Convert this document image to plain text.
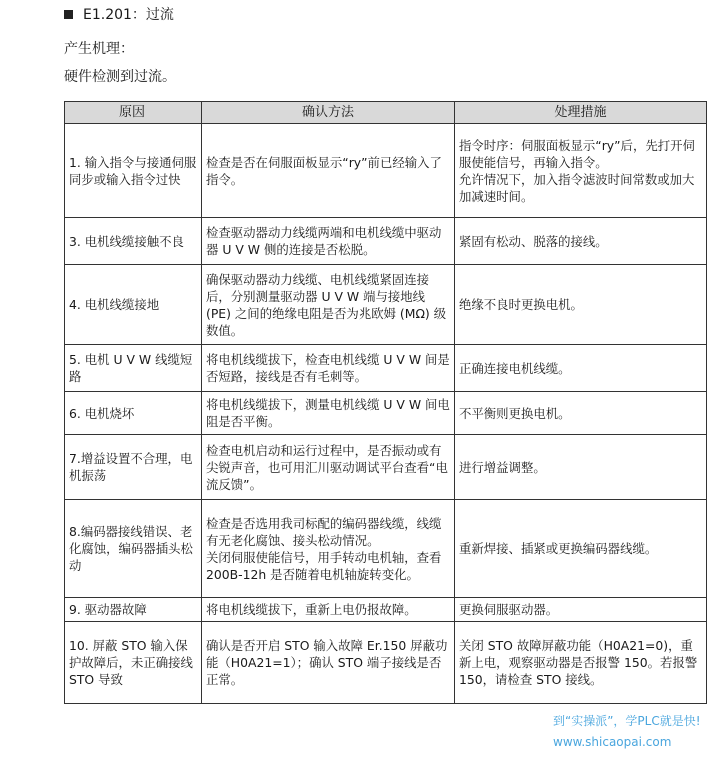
E1.201：过流
产生机理：
硬件检测到过流。
原因	确认方法	处理措施
1. 输入指令与接通伺服同步或输入指令过快	检查是否在伺服面板显示“ry”前已经输入了指令。	指令时序：伺服面板显示“ry”后，先打开伺服使能信号，再输入指令。
允许情况下，加入指令滤波时间常数或加大加减速时间。

3. 电机线缆接触不良	检查驱动器动力线缆两端和电机线缆中驱动器 U V W 侧的连接是否松脱。	紧固有松动、脱落的接线。
4. 电机线缆接地	确保驱动器动力线缆、电机线缆紧固连接后，分别测量驱动器 U V W 端与接地线 (PE) 之间的绝缘电阻是否为兆欧姆 (MΩ) 级数值。	绝缘不良时更换电机。
5. 电机 U V W 线缆短路	将电机线缆拔下，检查电机线缆 U V W 间是否短路，接线是否有毛刺等。	正确连接电机线缆。
6. 电机烧坏	将电机线缆拔下，测量电机线缆 U V W 间电阻是否平衡。	不平衡则更换电机。
7.增益设置不合理，电机振荡	检查电机启动和运行过程中，是否振动或有尖锐声音，也可用汇川驱动调试平台查看“电流反馈”。	进行增益调整。
8.编码器接线错误、老化腐蚀，编码器插头松动	检查是否选用我司标配的编码器线缆，线缆有无老化腐蚀、接头松动情况。
关闭伺服使能信号，用手转动电机轴，查看 200B-12h 是否随着电机轴旋转变化。	重新焊接、插紧或更换编码器线缆。
9. 驱动器故障	将电机线缆拔下，重新上电仍报故障。	更换伺服驱动器。
10. 屏蔽 STO 输入保护故障后，未正确接线 STO 导致	确认是否开启 STO 输入故障 Er.150 屏蔽功能（H0A21=1）；确认 STO 端子接线是否正常。	关闭 STO 故障屏蔽功能（H0A21=0)，重新上电，观察驱动器是否报警 150。若报警 150，请检查 STO 接线。
到“实操派”，学PLC就是快!
www.shicaopai.com
